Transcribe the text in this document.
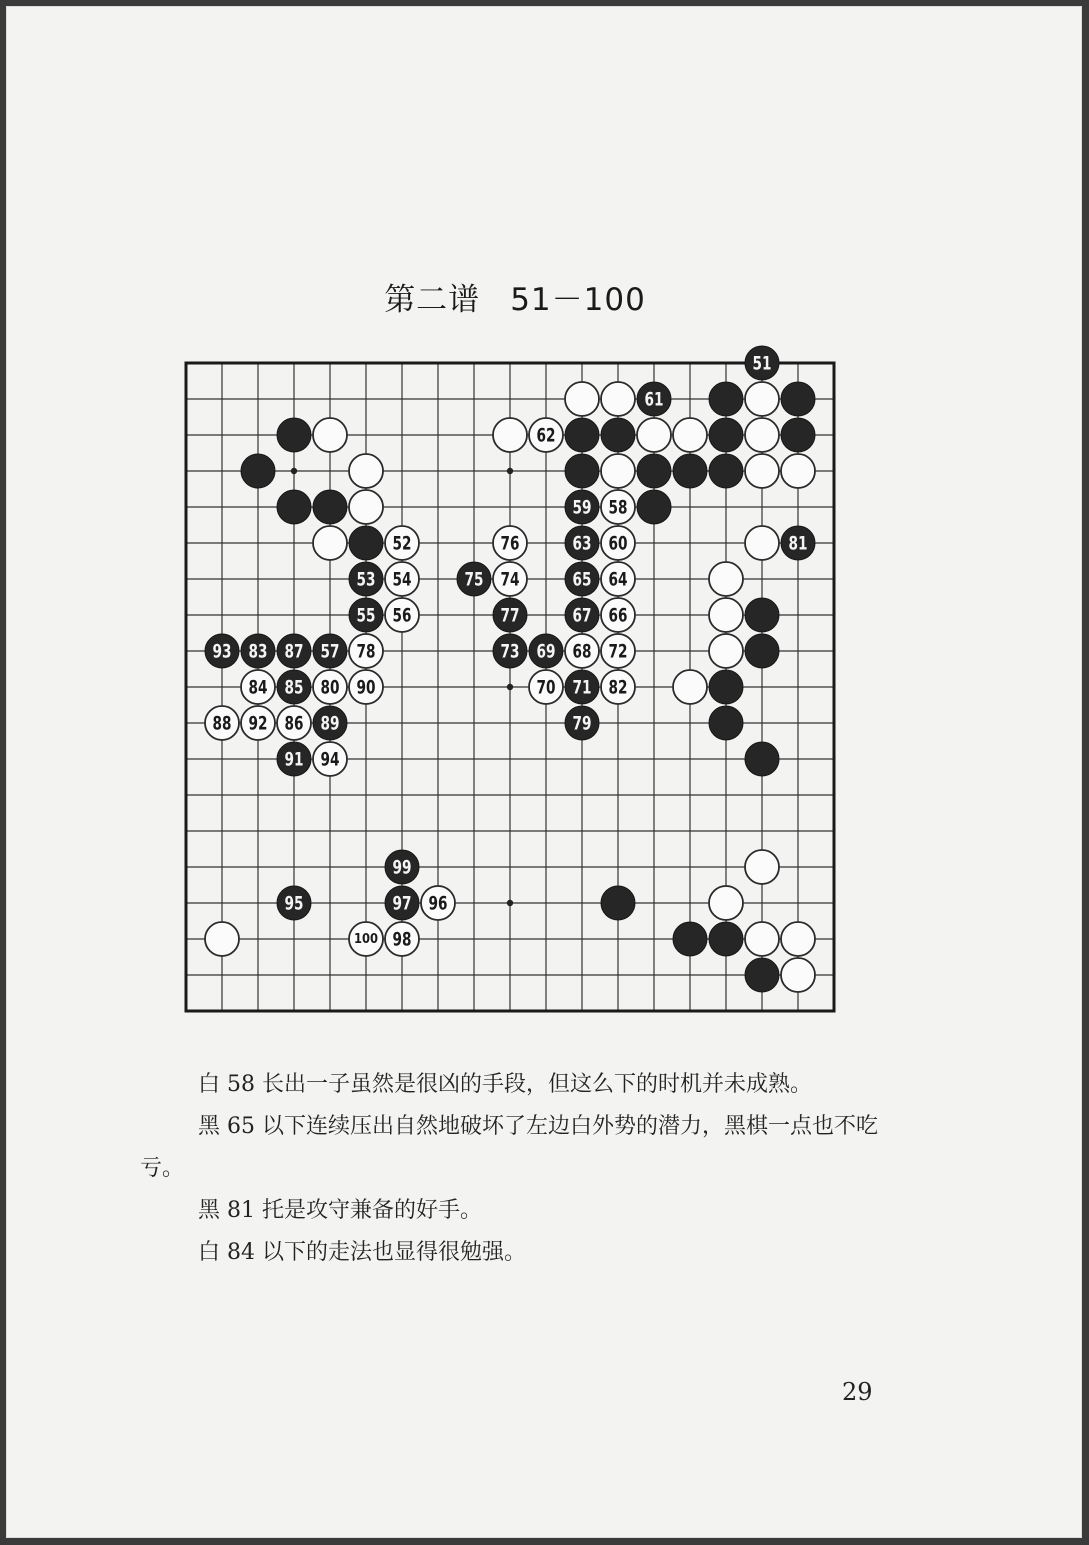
第二谱 51－100
51
61
62
59 58
52	76	63 60	81
53 54	75 74	65 64
55 56	77	67 66
93 83 87 57 78	73 69 68 72
84 85 80 90	70 71 82
88 92 86 89	79
91 94
99
95	97 96
100 98

白 58 长出一子虽然是很凶的手段，但这么下的时机并未成熟。

黑 65 以下连续压出自然地破坏了左边白外势的潜力，黑棋一点也不吃亏。

黑 81 托是攻守兼备的好手。

白 84 以下的走法也显得很勉强。

29
